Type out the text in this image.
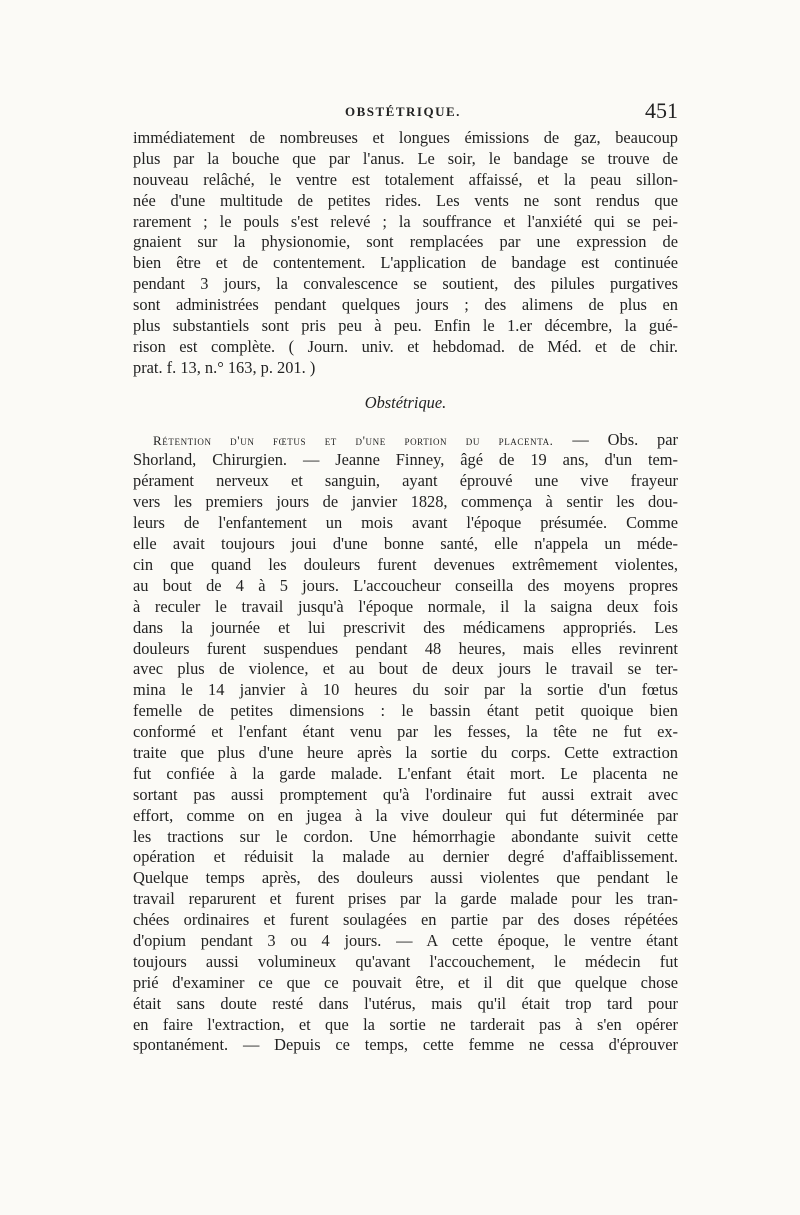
OBSTÉTRIQUE.	451
immédiatement de nombreuses et longues émissions de gaz, beaucoup
plus par la bouche que par l'anus. Le soir, le bandage se trouve de
nouveau relâché, le ventre est totalement affaissé, et la peau sillon-
née d'une multitude de petites rides. Les vents ne sont rendus que
rarement ; le pouls s'est relevé ; la souffrance et l'anxiété qui se pei-
gnaient sur la physionomie, sont remplacées par une expression de
bien être et de contentement. L'application de bandage est continuée
pendant 3 jours, la convalescence se soutient, des pilules purgatives
sont administrées pendant quelques jours ; des alimens de plus en
plus substantiels sont pris peu à peu. Enfin le 1.er décembre, la gué-
rison est complète. ( Journ. univ. et hebdomad. de Méd. et de chir.
prat. f. 13, n.° 163, p. 201. )
Obstétrique.
Rétention d'un fœtus et d'une portion du placenta. — Obs. par
Shorland, Chirurgien. — Jeanne Finney, âgé de 19 ans, d'un tem-
pérament nerveux et sanguin, ayant éprouvé une vive frayeur
vers les premiers jours de janvier 1828, commença à sentir les dou-
leurs de l'enfantement un mois avant l'époque présumée. Comme
elle avait toujours joui d'une bonne santé, elle n'appela un méde-
cin que quand les douleurs furent devenues extrêmement violentes,
au bout de 4 à 5 jours. L'accoucheur conseilla des moyens propres
à reculer le travail jusqu'à l'époque normale, il la saigna deux fois
dans la journée et lui prescrivit des médicamens appropriés. Les
douleurs furent suspendues pendant 48 heures, mais elles revinrent
avec plus de violence, et au bout de deux jours le travail se ter-
mina le 14 janvier à 10 heures du soir par la sortie d'un fœtus
femelle de petites dimensions : le bassin étant petit quoique bien
conformé et l'enfant étant venu par les fesses, la tête ne fut ex-
traite que plus d'une heure après la sortie du corps. Cette extraction
fut confiée à la garde malade. L'enfant était mort. Le placenta ne
sortant pas aussi promptement qu'à l'ordinaire fut aussi extrait avec
effort, comme on en jugea à la vive douleur qui fut déterminée par
les tractions sur le cordon. Une hémorrhagie abondante suivit cette
opération et réduisit la malade au dernier degré d'affaiblissement.
Quelque temps après, des douleurs aussi violentes que pendant le
travail reparurent et furent prises par la garde malade pour les tran-
chées ordinaires et furent soulagées en partie par des doses répétées
d'opium pendant 3 ou 4 jours. — A cette époque, le ventre étant
toujours aussi volumineux qu'avant l'accouchement, le médecin fut
prié d'examiner ce que ce pouvait être, et il dit que quelque chose
était sans doute resté dans l'utérus, mais qu'il était trop tard pour
en faire l'extraction, et que la sortie ne tarderait pas à s'en opérer
spontanément. — Depuis ce temps, cette femme ne cessa d'éprouver
